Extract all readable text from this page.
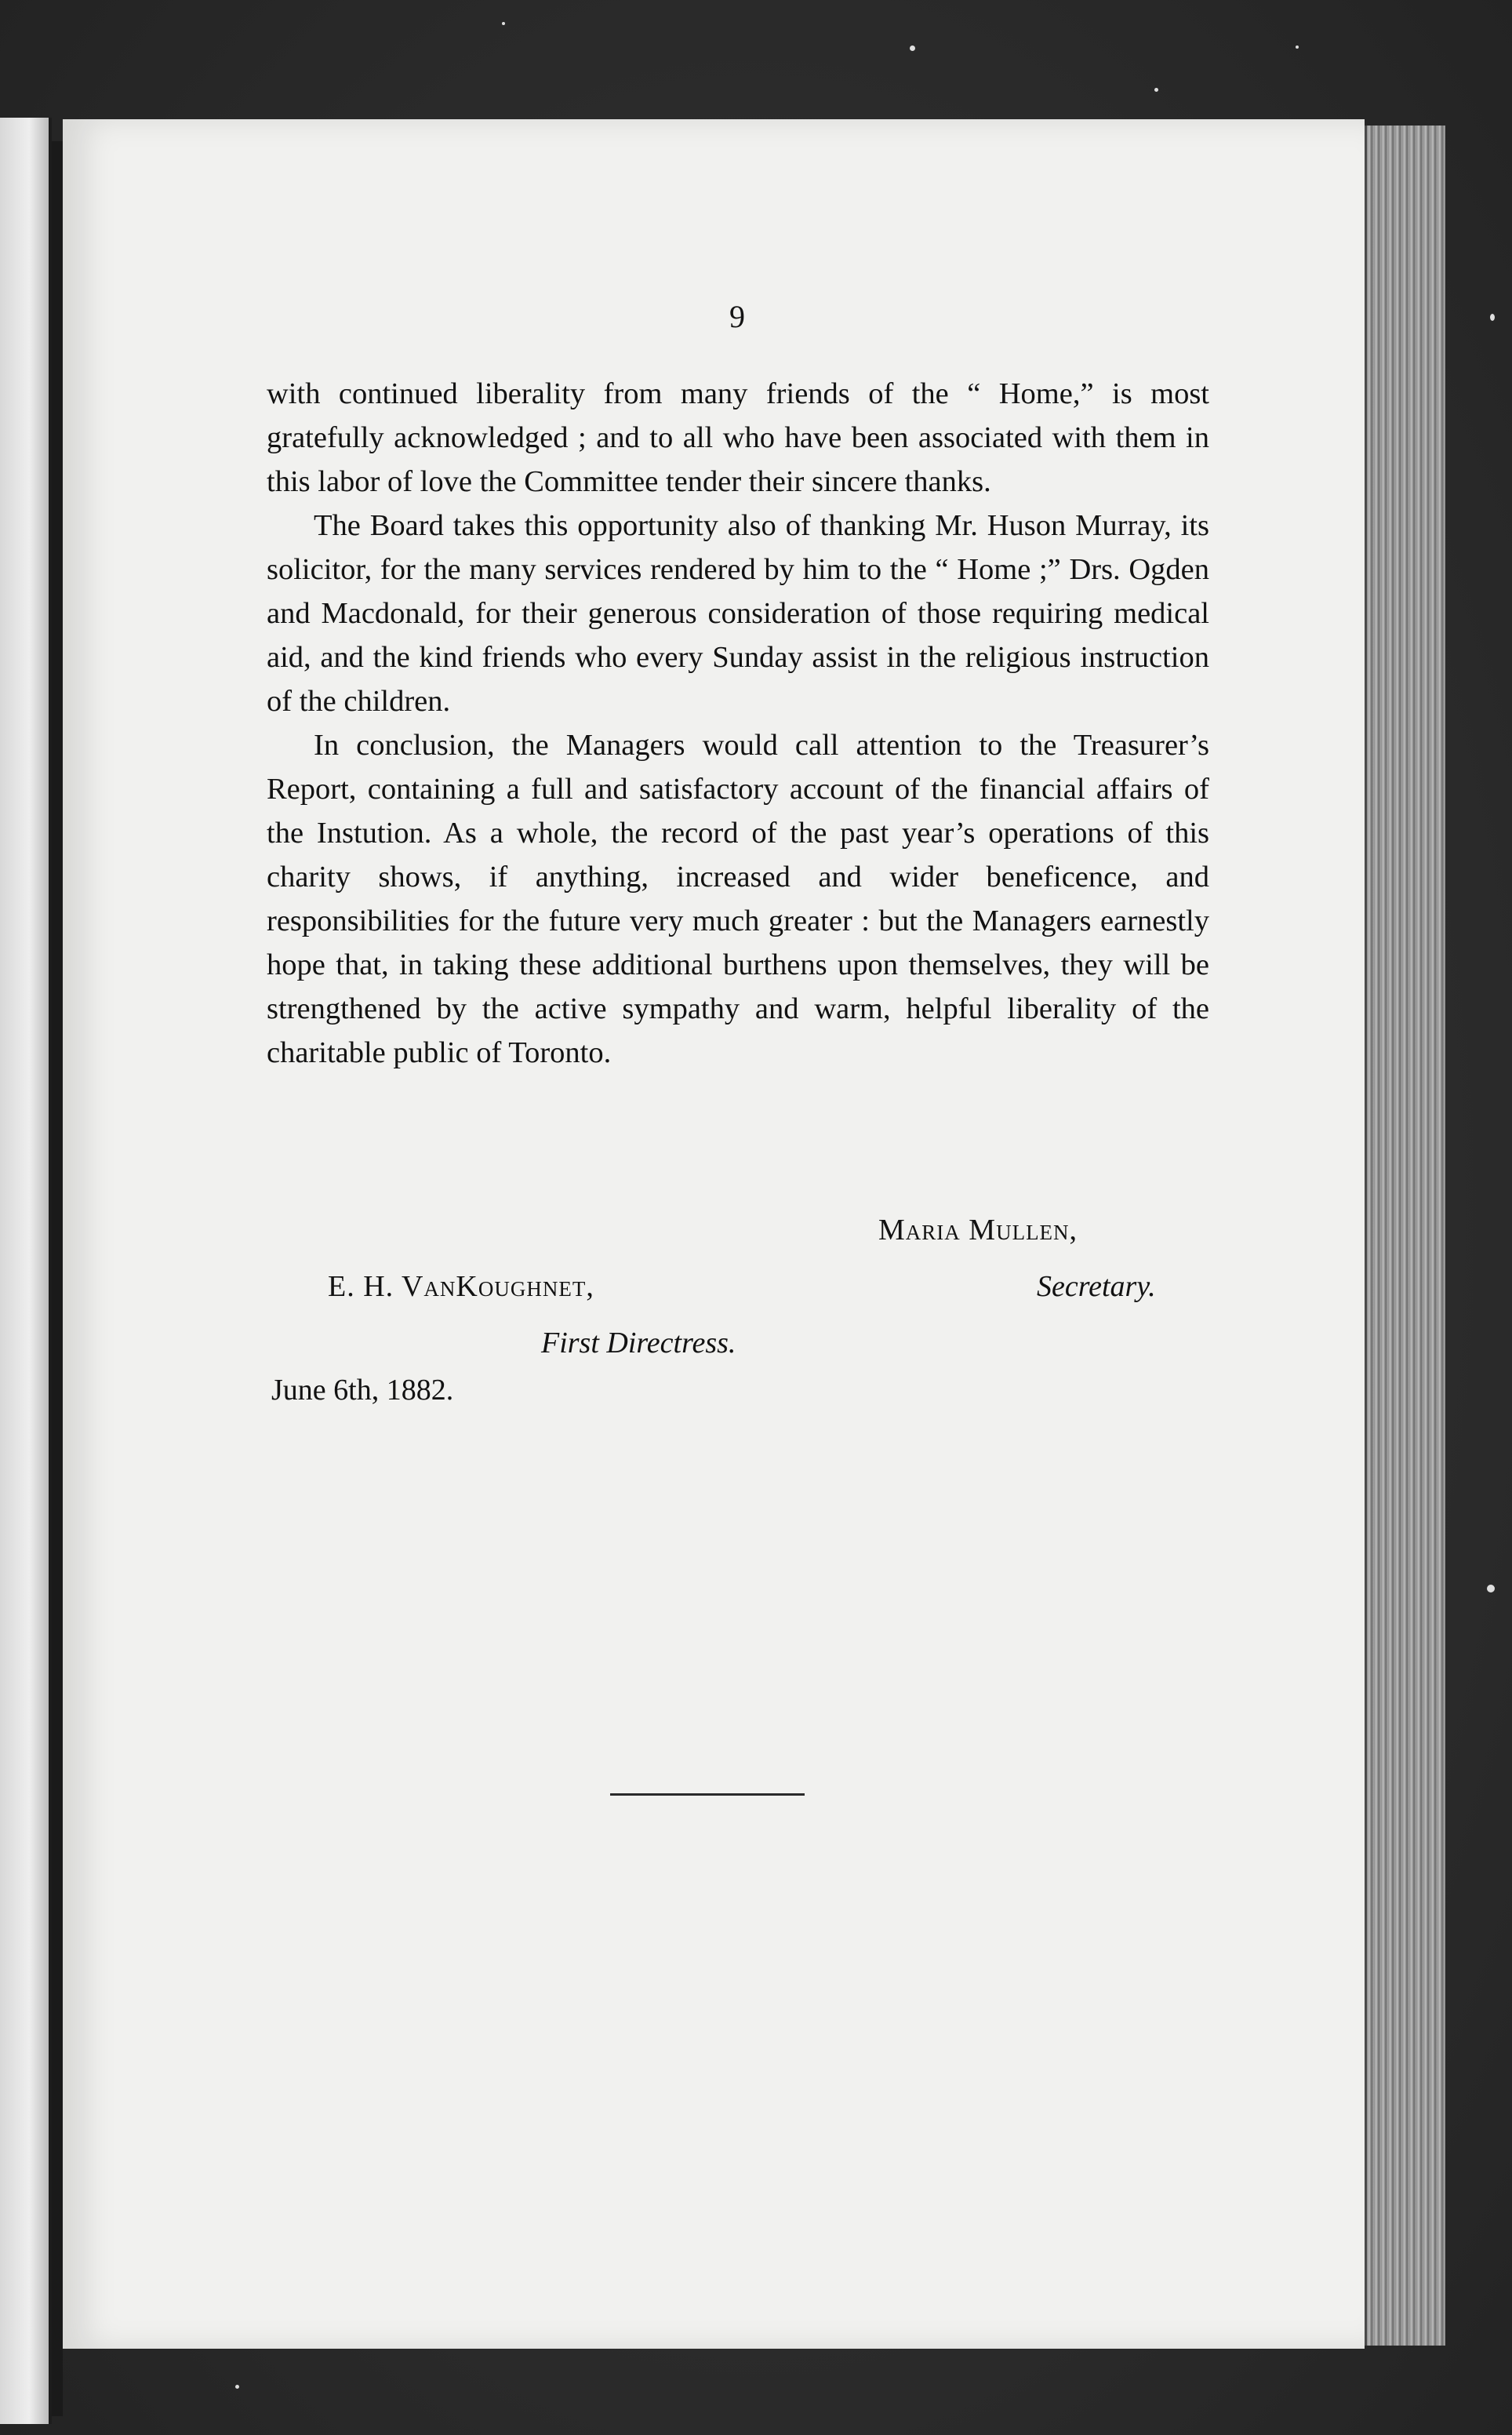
9

with continued liberality from many friends of the “ Home,” is most gratefully acknowledged ; and to all who have been associated with them in this labor of love the Committee tender their sincere thanks.

The Board takes this opportunity also of thanking Mr. Huson Murray, its solicitor, for the many services rendered by him to the “ Home ;” Drs. Ogden and Macdonald, for their generous consideration of those requiring medical aid, and the kind friends who every Sunday assist in the religious instruction of the children.

In conclusion, the Managers would call attention to the Treasurer’s Report, containing a full and satisfactory account of the financial affairs of the Instution. As a whole, the record of the past year’s operations of this charity shows, if anything, increased and wider beneficence, and responsibilities for the future very much greater : but the Managers earnestly hope that, in taking these additional burthens upon themselves, they will be strengthened by the active sympathy and warm, helpful liberality of the charitable public of Toronto.

Maria Mullen,
E. H. VanKoughnet,	Secretary.
First Directress.
June 6th, 1882.
